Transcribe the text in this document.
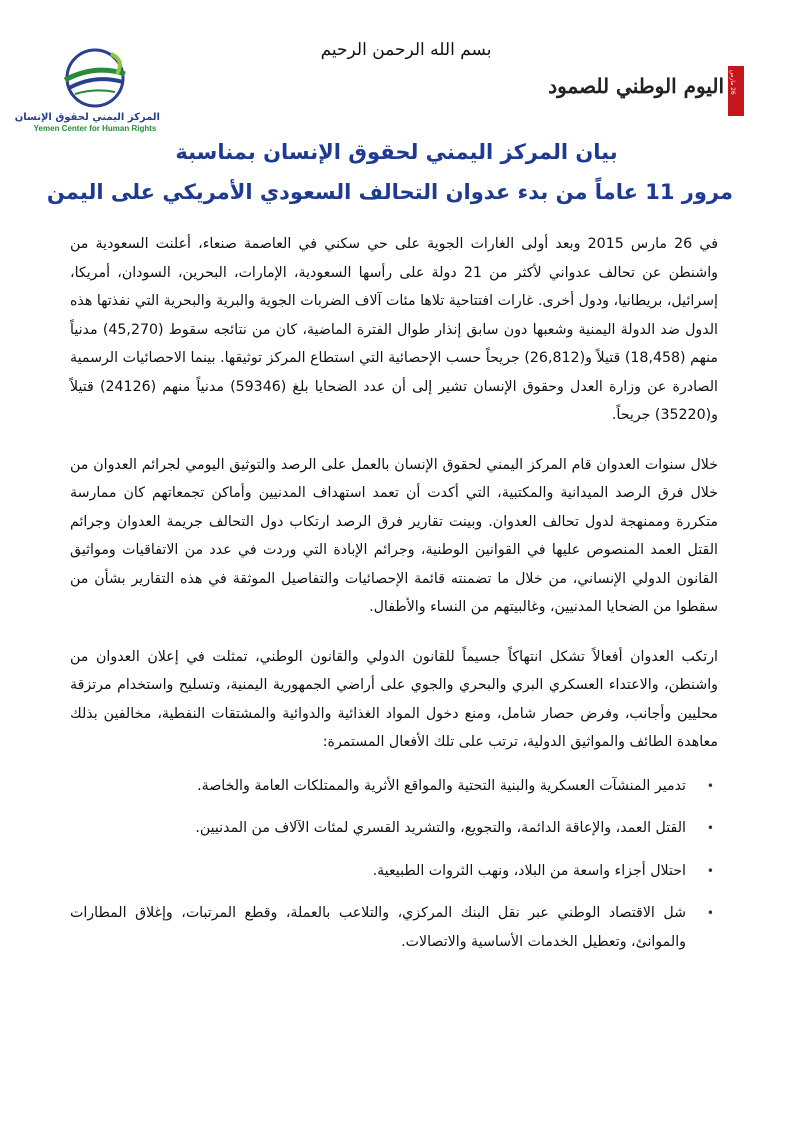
المركز اليمني لحقوق الإنسان
Yemen Center for Human Rights
بسم الله الرحمن الرحيم
اليوم الوطني للصمود 26 مارس
بيان المركز اليمني لحقوق الإنسان بمناسبة
مرور 11 عاماً من بدء عدوان التحالف السعودي الأمريكي على اليمن

في 26 مارس 2015 وبعد أولى الغارات الجوية على حي سكني في العاصمة صنعاء، أعلنت السعودية من واشنطن عن تحالف عدواني لأكثر من 21 دولة على رأسها السعودية، الإمارات، البحرين، السودان، أمريكا، إسرائيل، بريطانيا، ودول أخرى. غارات افتتاحية تلاها مئات آلاف الضربات الجوية والبرية والبحرية التي نفذتها هذه الدول ضد الدولة اليمنية وشعبها دون سابق إنذار طوال الفترة الماضية، كان من نتائجه سقوط (45,270) مدنياً منهم (18,458) قتيلاً و(26,812) جريحاً حسب الإحصائية التي استطاع المركز توثيقها. بينما الاحصائيات الرسمية الصادرة عن وزارة العدل وحقوق الإنسان تشير إلى أن عدد الضحايا بلغ (59346) مدنياً منهم (24126) قتيلاً و(35220) جريحاً.

خلال سنوات العدوان قام المركز اليمني لحقوق الإنسان بالعمل على الرصد والتوثيق اليومي لجرائم العدوان من خلال فرق الرصد الميدانية والمكتبية، التي أكدت أن تعمد استهداف المدنيين وأماكن تجمعاتهم كان ممارسة متكررة وممنهجة لدول تحالف العدوان. وبينت تقارير فرق الرصد ارتكاب دول التحالف جريمة العدوان وجرائم القتل العمد المنصوص عليها في القوانين الوطنية، وجرائم الإبادة التي وردت في عدد من الاتفاقيات ومواثيق القانون الدولي الإنساني، من خلال ما تضمنته قائمة الإحصائيات والتفاصيل الموثقة في هذه التقارير بشأن من سقطوا من الضحايا المدنيين، وغالبيتهم من النساء والأطفال.

ارتكب العدوان أفعالاً تشكل انتهاكاً جسيماً للقانون الدولي والقانون الوطني، تمثلت في إعلان العدوان من واشنطن، والاعتداء العسكري البري والبحري والجوي على أراضي الجمهورية اليمنية، وتسليح واستخدام مرتزقة محليين وأجانب، وفرض حصار شامل، ومنع دخول المواد الغذائية والدوائية والمشتقات النفطية، مخالفين بذلك معاهدة الطائف والمواثيق الدولية، ترتب على تلك الأفعال المستمرة:

• تدمير المنشآت العسكرية والبنية التحتية والمواقع الأثرية والممتلكات العامة والخاصة.
• القتل العمد، والإعاقة الدائمة، والتجويع، والتشريد القسري لمئات الآلاف من المدنيين.
• احتلال أجزاء واسعة من البلاد، ونهب الثروات الطبيعية.
• شل الاقتصاد الوطني عبر نقل البنك المركزي، والتلاعب بالعملة، وقطع المرتبات، وإغلاق المطارات والموانئ، وتعطيل الخدمات الأساسية والاتصالات.
